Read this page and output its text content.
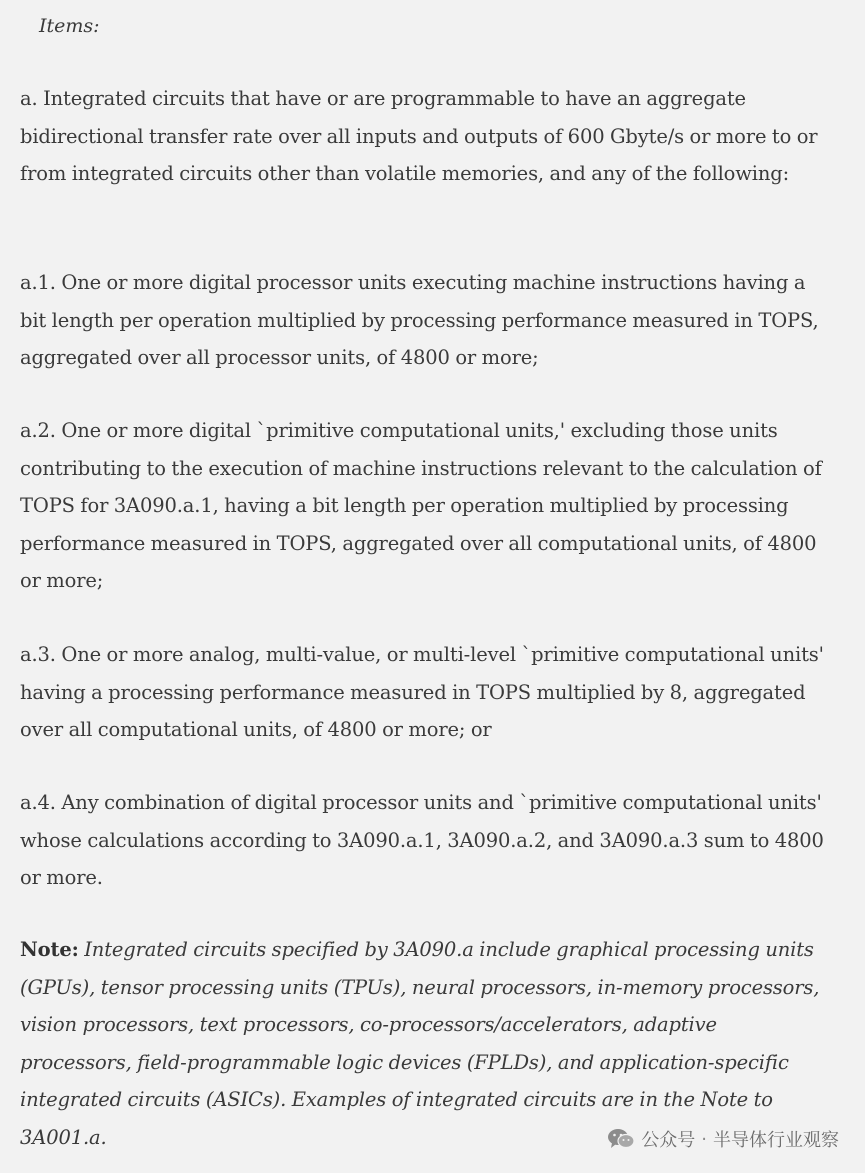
Items:

a. Integrated circuits that have or are programmable to have an aggregate bidirectional transfer rate over all inputs and outputs of 600 Gbyte/s or more to or from integrated circuits other than volatile memories, and any of the following:

a.1. One or more digital processor units executing machine instructions having a bit length per operation multiplied by processing performance measured in TOPS, aggregated over all processor units, of 4800 or more;

a.2. One or more digital `primitive computational units,' excluding those units contributing to the execution of machine instructions relevant to the calculation of TOPS for 3A090.a.1, having a bit length per operation multiplied by processing performance measured in TOPS, aggregated over all computational units, of 4800 or more;

a.3. One or more analog, multi-value, or multi-level `primitive computational units' having a processing performance measured in TOPS multiplied by 8, aggregated over all computational units, of 4800 or more; or

a.4. Any combination of digital processor units and `primitive computational units' whose calculations according to 3A090.a.1, 3A090.a.2, and 3A090.a.3 sum to 4800 or more.

Note: Integrated circuits specified by 3A090.a include graphical processing units (GPUs), tensor processing units (TPUs), neural processors, in-memory processors, vision processors, text processors, co-processors/accelerators, adaptive processors, field-programmable logic devices (FPLDs), and application-specific integrated circuits (ASICs). Examples of integrated circuits are in the Note to 3A001.a.	公众号 · 半导体行业观察
